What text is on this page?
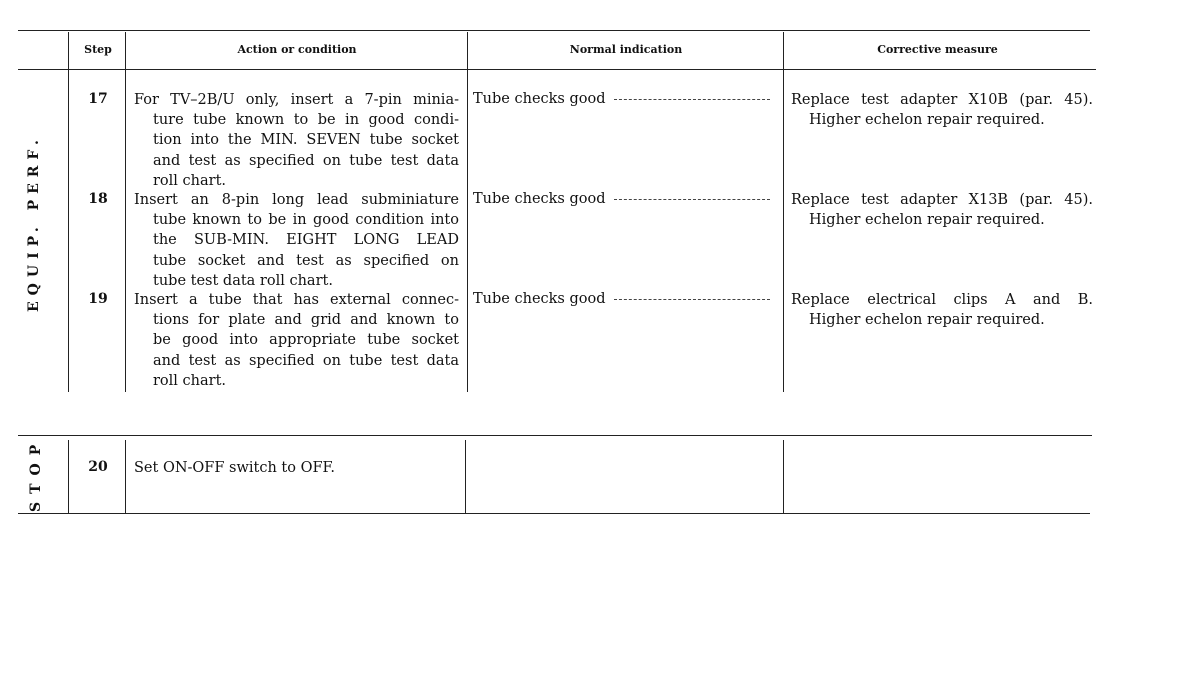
Step	Action or condition	Normal indication	Corrective measure
EQUIP. PERF.
17	For TV–2B/U only, insert a 7-pin minia-
ture tube known to be in good condi-
tion into the MIN. SEVEN tube socket
and test as specified on tube test data
roll chart.
Tube checks good	Replace test adapter X10B (par. 45).
Higher echelon repair required.
18	Insert an 8-pin long lead subminiature
tube known to be in good condition into
the SUB-MIN. EIGHT LONG LEAD
tube socket and test as specified on
tube test data roll chart.
Tube checks good	Replace test adapter X13B (par. 45).
Higher echelon repair required.
19	Insert a tube that has external connec-
tions for plate and grid and known to
be good into appropriate tube socket
and test as specified on tube test data
roll chart.
Tube checks good	Replace electrical clips A and B.
Higher echelon repair required.
STOP	20	Set ON-OFF switch to OFF.
